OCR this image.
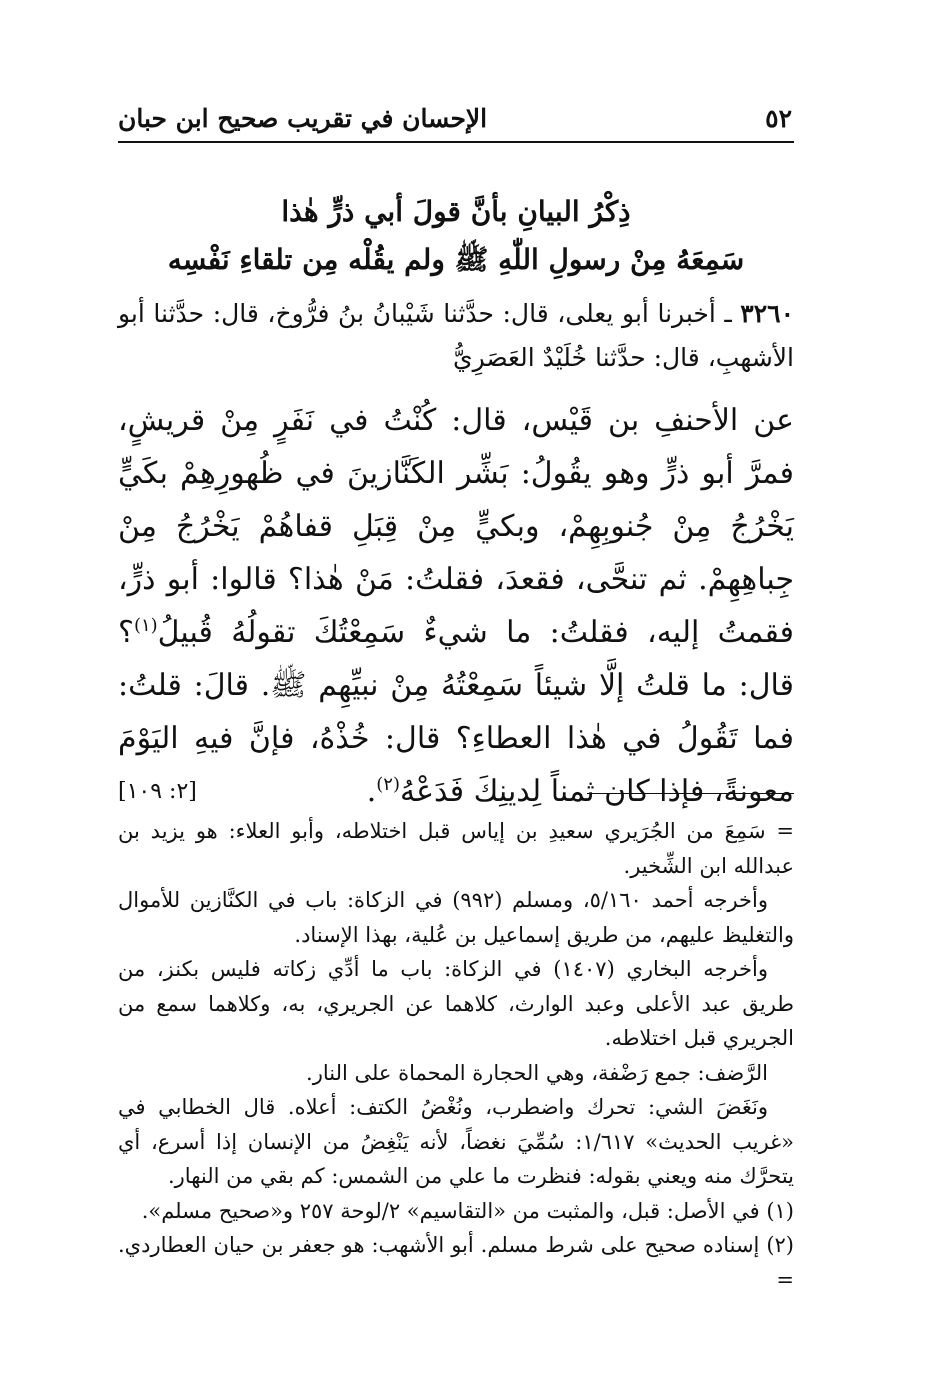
٥٢
الإحسان في تقريب صحيح ابن حبان
ذِكْرُ البيانِ بأنَّ قولَ أبي ذرٍّ هٰذا
سَمِعَهُ مِنْ رسولِ اللّٰهِ ﷺ ولم يقُلْه مِن تلقاءِ نَفْسِه
٣٢٦٠ ـ أخبرنا أبو يعلى، قال: حدَّثنا شَيْبانُ بنُ فرُّوخ، قال: حدَّثنا أبو الأشهبِ، قال: حدَّثنا خُلَيْدٌ العَصَرِيُّ
عن الأحنفِ بن قَيْس، قال: كُنْتُ في نَفَرٍ مِنْ قريشٍ، فمرَّ أبو ذرٍّ وهو يقُولُ: بَشِّر الكَنَّازينَ في ظُهورِهِمْ بكَيٍّ يَخْرُجُ مِنْ جُنوبِهِمْ، وبكيٍّ مِنْ قِبَلِ قفاهُمْ يَخْرُجُ مِنْ جِباهِهِمْ. ثم تنحَّى، فقعدَ، فقلتُ: مَنْ هٰذا؟ قالوا: أبو ذرٍّ، فقمتُ إليه، فقلتُ: ما شيءٌ سَمِعْتُكَ تقولُهُ قُبيلُ$^{(١)}$؟ قال: ما قلتُ إلَّا شيئاً سَمِعْتُهُ مِنْ نبيِّهِم ﷺ. قالَ: قلتُ: فما تَقُولُ في هٰذا العطاءِ؟ قال: خُذْهُ، فإنَّ فيهِ اليَوْمَ معونةً، فإذا كان ثمناً لِدينِكَ فَدَعْهُ$^{(٢)}$.
[٢: ١٠٩]

= سَمِعَ من الجُرَيري سعيدِ بن إياس قبل اختلاطه، وأبو العلاء: هو يزيد بن عبدالله ابن الشِّخير.

وأخرجه أحمد ٥/١٦٠، ومسلم (٩٩٢) في الزكاة: باب في الكنَّازين للأموال والتغليظ عليهم، من طريق إسماعيل بن عُلية، بهذا الإسناد.

وأخرجه البخاري (١٤٠٧) في الزكاة: باب ما أدِّي زكاته فليس بكنز، من طريق عبد الأعلى وعبد الوارث، كلاهما عن الجريري، به، وكلاهما سمع من الجريري قبل اختلاطه.

الرَّضف: جمع رَضْفة، وهي الحجارة المحماة على النار.

ونَغَضَ الشي: تحرك واضطرب، ونُغْضُ الكتف: أعلاه. قال الخطابي في «غريب الحديث» ١/٦١٧: سُمِّيَ نغضاً، لأنه يَنْغِضُ من الإنسان إذا أسرع، أي يتحرَّك منه ويعني بقوله: فنظرت ما علي من الشمس: كم بقي من النهار.

(١) في الأصل: قبل، والمثبت من «التقاسيم» ٢/لوحة ٢٥٧ و«صحيح مسلم».

(٢) إسناده صحيح على شرط مسلم. أبو الأشهب: هو جعفر بن حيان العطاردي. =
